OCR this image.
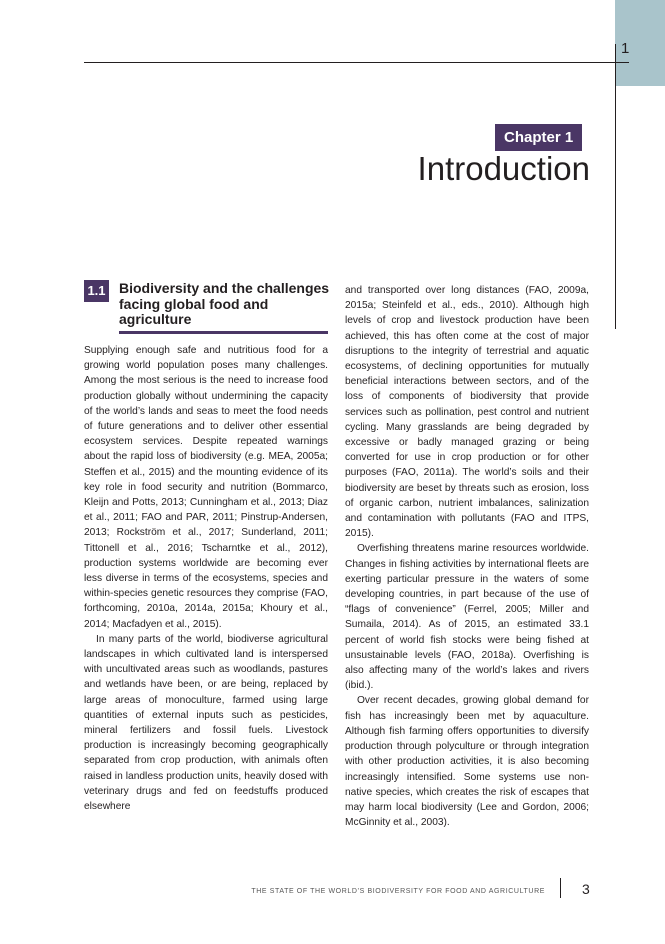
1
Chapter 1
Introduction
1.1 Biodiversity and the challenges facing global food and agriculture

Supplying enough safe and nutritious food for a growing world population poses many challenges. Among the most serious is the need to increase food production globally without undermining the capacity of the world’s lands and seas to meet the food needs of future generations and to deliver other essential ecosystem services. Despite repeated warnings about the rapid loss of biodiversity (e.g. MEA, 2005a; Steffen et al., 2015) and the mounting evidence of its key role in food security and nutrition (Bommarco, Kleijn and Potts, 2013; Cunningham et al., 2013; Diaz et al., 2011; FAO and PAR, 2011; Pinstrup-Andersen, 2013; Rockström et al., 2017; Sunderland, 2011; Tittonell et al., 2016; Tscharntke et al., 2012), production systems worldwide are becoming ever less diverse in terms of the ecosystems, species and within-species genetic resources they comprise (FAO, forthcoming, 2010a, 2014a, 2015a; Khoury et al., 2014; Macfadyen et al., 2015).

In many parts of the world, biodiverse agricultural landscapes in which cultivated land is interspersed with uncultivated areas such as woodlands, pastures and wetlands have been, or are being, replaced by large areas of monoculture, farmed using large quantities of external inputs such as pesticides, mineral fertilizers and fossil fuels. Livestock production is increasingly becoming geographically separated from crop production, with animals often raised in landless production units, heavily dosed with veterinary drugs and fed on feedstuffs produced elsewhere

and transported over long distances (FAO, 2009a, 2015a; Steinfeld et al., eds., 2010). Although high levels of crop and livestock production have been achieved, this has often come at the cost of major disruptions to the integrity of terrestrial and aquatic ecosystems, of declining opportunities for mutually beneficial interactions between sectors, and of the loss of components of biodiversity that provide services such as pollination, pest control and nutrient cycling. Many grasslands are being degraded by excessive or badly managed grazing or being converted for use in crop production or for other purposes (FAO, 2011a). The world’s soils and their biodiversity are beset by threats such as erosion, loss of organic carbon, nutrient imbalances, salinization and contamination with pollutants (FAO and ITPS, 2015).

Overfishing threatens marine resources worldwide. Changes in fishing activities by international fleets are exerting particular pressure in the waters of some developing countries, in part because of the use of “flags of convenience” (Ferrel, 2005; Miller and Sumaila, 2014). As of 2015, an estimated 33.1 percent of world fish stocks were being fished at unsustainable levels (FAO, 2018a). Overfishing is also affecting many of the world’s lakes and rivers (ibid.).

Over recent decades, growing global demand for fish has increasingly been met by aquaculture. Although fish farming offers opportunities to diversify production through polyculture or through integration with other production activities, it is also becoming increasingly intensified. Some systems use non-native species, which creates the risk of escapes that may harm local biodiversity (Lee and Gordon, 2006; McGinnity et al., 2003).

THE STATE OF THE WORLD’S BIODIVERSITY FOR FOOD AND AGRICULTURE	3
